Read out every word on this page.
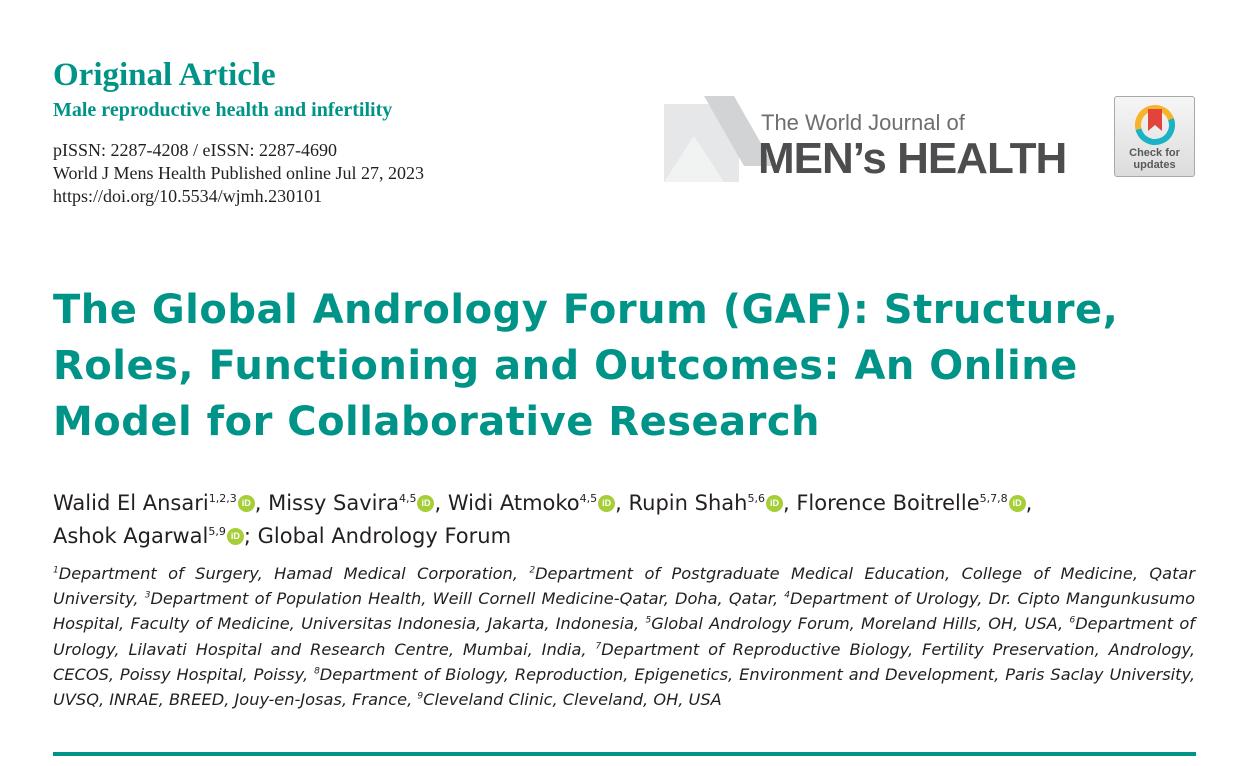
Original Article
Male reproductive health and infertility
pISSN: 2287-4208 / eISSN: 2287-4690
World J Mens Health Published online Jul 27, 2023
https://doi.org/10.5534/wjmh.230101
The World Journal of
MEN’s HEALTH	Check for
updates
The Global Andrology Forum (GAF): Structure,
Roles, Functioning and Outcomes: An Online
Model for Collaborative Research
Walid El Ansari$^{1,2,3}$ iD , Missy Savira$^{4,5}$ iD , Widi Atmoko$^{4,5}$ iD , Rupin Shah$^{5,6}$ iD , Florence Boitrelle$^{5,7,8}$ iD ,
Ashok Agarwal$^{5,9}$ iD ; Global Andrology Forum
$^1$Department of Surgery, Hamad Medical Corporation, $^2$Department of Postgraduate Medical Education, College of Medicine, Qatar University, $^3$Department of Population Health, Weill Cornell Medicine-Qatar, Doha, Qatar, $^4$Department of Urology, Dr. Cipto Mangunkusumo Hospital, Faculty of Medicine, Universitas Indonesia, Jakarta, Indonesia, $^5$Global Andrology Forum, Moreland Hills, OH, USA, $^6$Department of Urology, Lilavati Hospital and Research Centre, Mumbai, India, $^7$Department of Reproductive Biology, Fertility Preservation, Andrology, CECOS, Poissy Hospital, Poissy, $^8$Department of Biology, Reproduction, Epigenetics, Environment and Development, Paris Saclay University, UVSQ, INRAE, BREED, Jouy-en-Josas, France, $^9$Cleveland Clinic, Cleveland, OH, USA
